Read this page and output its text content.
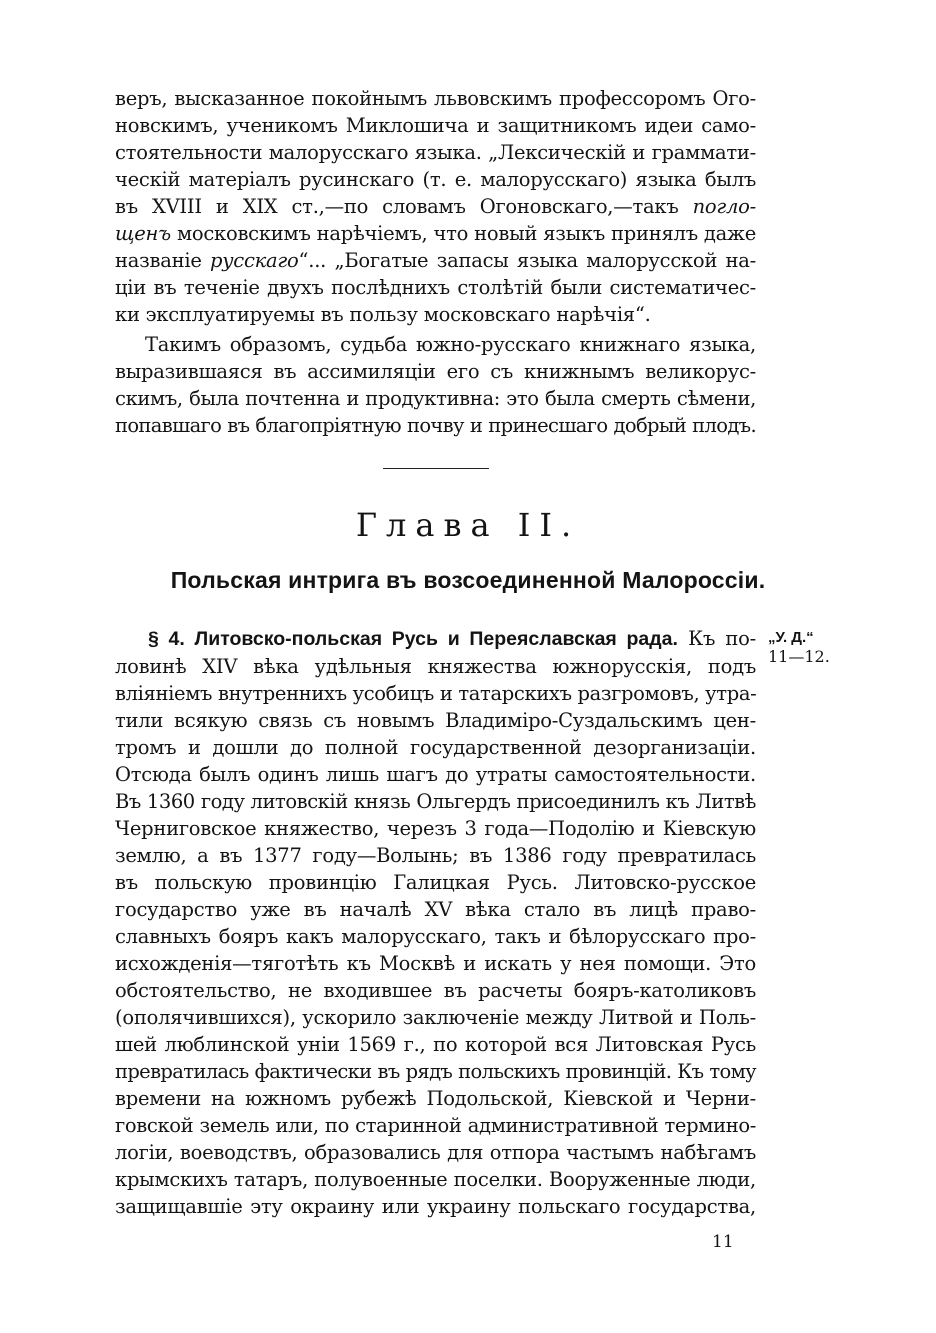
веръ, высказанное покойнымъ львовскимъ профессоромъ Ого-
новскимъ, ученикомъ Миклошича и защитникомъ идеи само-
стоятельности малорусскаго языка. „Лексическій и граммати-
ческій матеріалъ русинскаго (т. е. малорусскаго) языка былъ
въ XVIII и XIX ст.,—по словамъ Огоновскаго,—такъ погло-
щенъ московскимъ нарѣчіемъ, что новый языкъ принялъ даже
названіе русскаго“... „Богатые запасы языка малорусской на-
ціи въ теченіе двухъ послѣднихъ столѣтій были систематичес-
ки эксплуатируемы въ пользу московскаго нарѣчія“.
Такимъ образомъ, судьба южно-русскаго книжнаго языка,
выразившаяся въ ассимиляціи его съ книжнымъ великорус-
скимъ, была почтенна и продуктивна: это была смерть сѣмени,
попавшаго въ благопріятную почву и принесшаго добрый плодъ.
Глава II.
Польская интрига въ возсоединенной Малороссіи.
§ 4. Литовско-польская Русь и Переяславская рада. Къ по-
ловинѣ XIV вѣка удѣльныя княжества южнорусскія, подъ
вліяніемъ внутреннихъ усобицъ и татарскихъ разгромовъ, утра-
тили всякую связь съ новымъ Владиміро-Суздальскимъ цен-
тромъ и дошли до полной государственной дезорганизаціи.
Отсюда былъ одинъ лишь шагъ до утраты самостоятельности.
Въ 1360 году литовскій князь Ольгердъ присоединилъ къ Литвѣ
Черниговское княжество, черезъ 3 года—Подолію и Кіевскую
землю, а въ 1377 году—Волынь; въ 1386 году превратилась
въ польскую провинцію Галицкая Русь. Литовско-русское
государство уже въ началѣ XV вѣка стало въ лицѣ право-
славныхъ бояръ какъ малорусскаго, такъ и бѣлорусскаго про-
исхожденія—тяготѣть къ Москвѣ и искать у нея помощи. Это
обстоятельство, не входившее въ расчеты бояръ-католиковъ
(ополячившихся), ускорило заключеніе между Литвой и Поль-
шей люблинской уніи 1569 г., по которой вся Литовская Русь
превратилась фактически въ рядъ польскихъ провинцій. Къ тому
времени на южномъ рубежѣ Подольской, Кіевской и Черни-
говской земель или, по старинной административной термино-
логіи, воеводствъ, образовались для отпора частымъ набѣгамъ
крымскихъ татаръ, полувоенные поселки. Вооруженные люди,
защищавшіе эту окраину или украину польскаго государства,
„У. Д.“
11—12.
11
